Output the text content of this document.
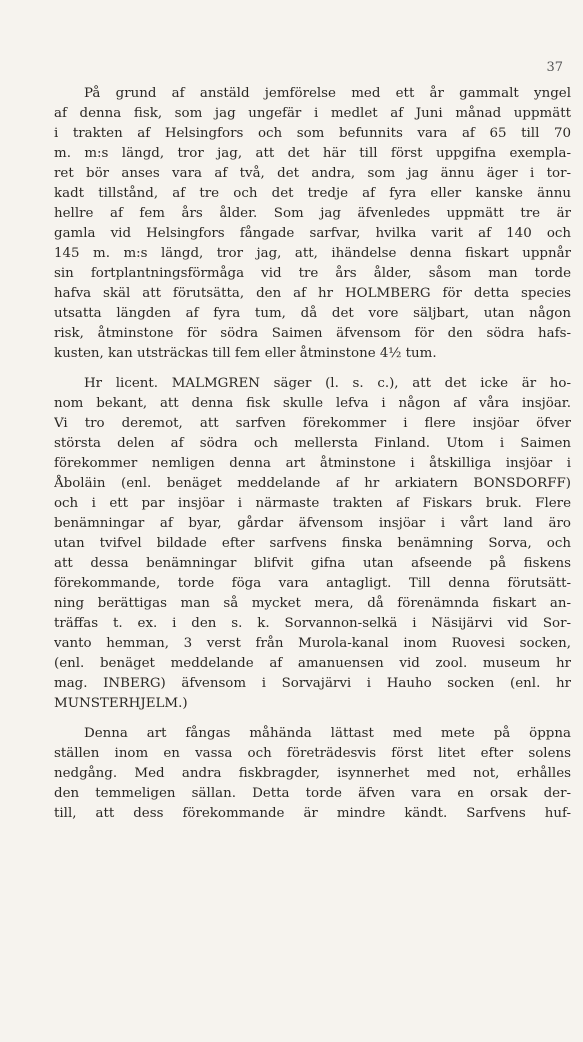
37
På grund af anstäld jemförelse med ett år gammalt yngel
af denna fisk, som jag ungefär i medlet af Juni månad uppmätt
i trakten af Helsingfors och som befunnits vara af 65 till 70
m. m:s längd, tror jag, att det här till först uppgifna exempla-
ret bör anses vara af två, det andra, som jag ännu äger i tor-
kadt tillstånd, af tre och det tredje af fyra eller kanske ännu
hellre af fem års ålder. Som jag äfvenledes uppmätt tre är
gamla vid Helsingfors fångade sarfvar, hvilka varit af 140 och
145 m. m:s längd, tror jag, att, ihändelse denna fiskart uppnår
sin fortplantningsförmåga vid tre års ålder, såsom man torde
hafva skäl att förutsätta, den af hr HOLMBERG för detta species
utsatta längden af fyra tum, då det vore säljbart, utan någon
risk, åtminstone för södra Saimen äfvensom för den södra hafs-
kusten, kan utsträckas till fem eller åtminstone 4½ tum.
Hr licent. MALMGREN säger (l. s. c.), att det icke är ho-
nom bekant, att denna fisk skulle lefva i någon af våra insjöar.
Vi tro deremot, att sarfven förekommer i flere insjöar öfver
största delen af södra och mellersta Finland. Utom i Saimen
förekommer nemligen denna art åtminstone i åtskilliga insjöar i
Åboläin (enl. benäget meddelande af hr arkiatern BONSDORFF)
och i ett par insjöar i närmaste trakten af Fiskars bruk. Flere
benämningar af byar, gårdar äfvensom insjöar i vårt land äro
utan tvifvel bildade efter sarfvens finska benämning Sorva, och
att dessa benämningar blifvit gifna utan afseende på fiskens
förekommande, torde föga vara antagligt. Till denna förutsätt-
ning berättigas man så mycket mera, då förenämnda fiskart an-
träffas t. ex. i den s. k. Sorvannon-selkä i Näsijärvi vid Sor-
vanto hemman, 3 verst från Murola-kanal inom Ruovesi socken,
(enl. benäget meddelande af amanuensen vid zool. museum hr
mag. INBERG) äfvensom i Sorvajärvi i Hauho socken (enl. hr
MUNSTERHJELM.)
Denna art fångas måhända lättast med mete på öppna
ställen inom en vassa och företrädesvis först litet efter solens
nedgång. Med andra fiskbragder, isynnerhet med not, erhålles
den temmeligen sällan. Detta torde äfven vara en orsak der-
till, att dess förekommande är mindre kändt. Sarfvens huf-
